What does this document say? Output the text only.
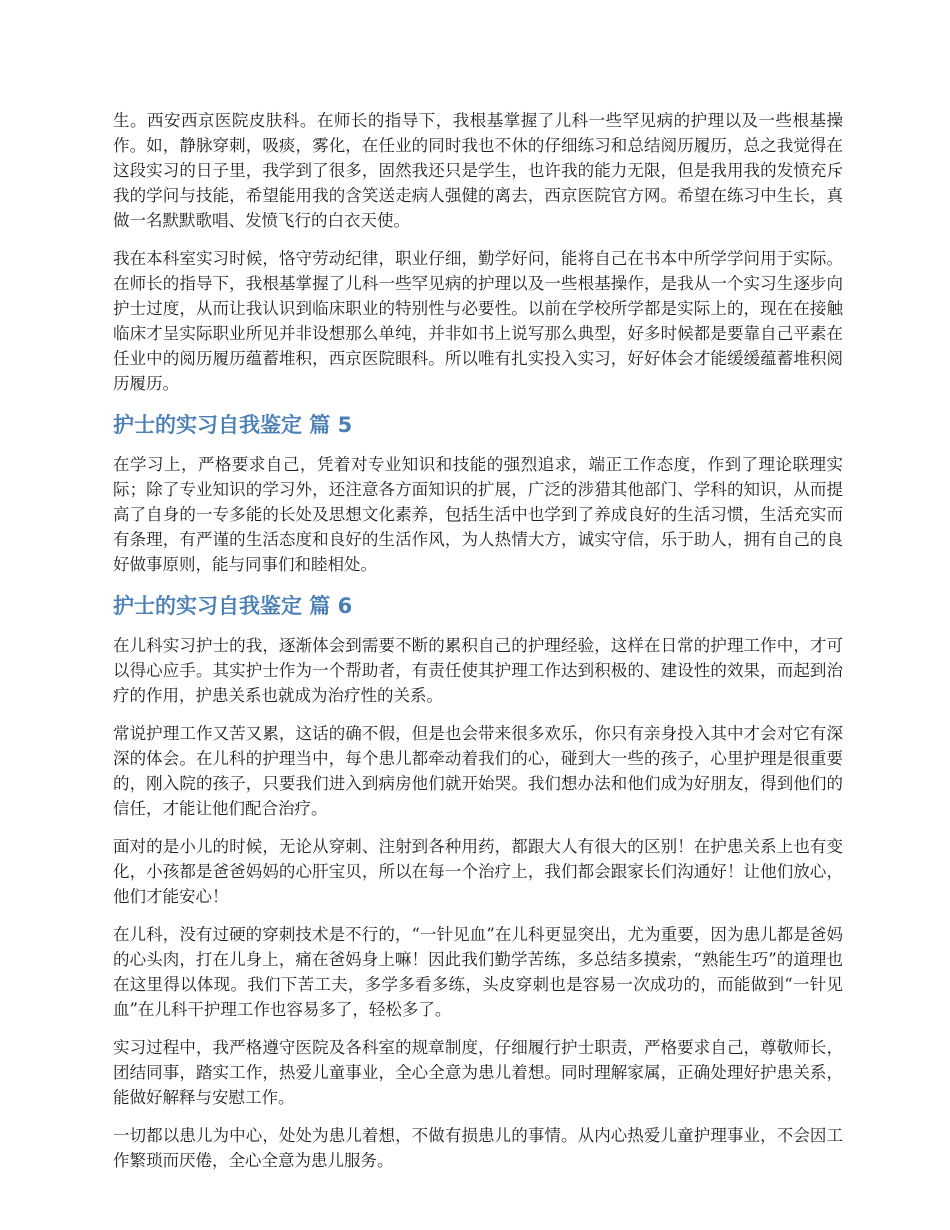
生。西安西京医院皮肤科。在师长的指导下，我根基掌握了儿科一些罕见病的护理以及一些根基操作。如，静脉穿刺，吸痰，雾化，在任业的同时我也不休的仔细练习和总结阅历履历，总之我觉得在这段实习的日子里，我学到了很多，固然我还只是学生，也许我的能力无限，但是我用我的发愤充斥我的学问与技能，希望能用我的含笑送走病人强健的离去，西京医院官方网。希望在练习中生长，真做一名默默歌唱、发愤飞行的白衣天使。

我在本科室实习时候，恪守劳动纪律，职业仔细，勤学好问，能将自己在书本中所学学问用于实际。在师长的指导下，我根基掌握了儿科一些罕见病的护理以及一些根基操作，是我从一个实习生逐步向护士过度，从而让我认识到临床职业的特别性与必要性。以前在学校所学都是实际上的，现在在接触临床才呈实际职业所见并非设想那么单纯，并非如书上说写那么典型，好多时候都是要靠自己平素在任业中的阅历履历蕴蓄堆积，西京医院眼科。所以唯有扎实投入实习，好好体会才能缓缓蕴蓄堆积阅历履历。

护士的实习自我鉴定 篇 5

在学习上，严格要求自己，凭着对专业知识和技能的强烈追求，端正工作态度，作到了理论联理实际；除了专业知识的学习外，还注意各方面知识的扩展，广泛的涉猎其他部门、学科的知识，从而提高了自身的一专多能的长处及思想文化素养，包括生活中也学到了养成良好的生活习惯，生活充实而有条理，有严谨的生活态度和良好的生活作风，为人热情大方，诚实守信，乐于助人，拥有自己的良好做事原则，能与同事们和睦相处。

护士的实习自我鉴定 篇 6

在儿科实习护士的我，逐渐体会到需要不断的累积自己的护理经验，这样在日常的护理工作中，才可以得心应手。其实护士作为一个帮助者，有责任使其护理工作达到积极的、建设性的效果，而起到治疗的作用，护患关系也就成为治疗性的关系。

常说护理工作又苦又累，这话的确不假，但是也会带来很多欢乐，你只有亲身投入其中才会对它有深深的体会。在儿科的护理当中，每个患儿都牵动着我们的心，碰到大一些的孩子，心里护理是很重要的，刚入院的孩子，只要我们进入到病房他们就开始哭。我们想办法和他们成为好朋友，得到他们的信任，才能让他们配合治疗。

面对的是小儿的时候，无论从穿刺、注射到各种用药，都跟大人有很大的区别！在护患关系上也有变化，小孩都是爸爸妈妈的心肝宝贝，所以在每一个治疗上，我们都会跟家长们沟通好！让他们放心，他们才能安心！

在儿科，没有过硬的穿刺技术是不行的，“一针见血”在儿科更显突出，尤为重要，因为患儿都是爸妈的心头肉，打在儿身上，痛在爸妈身上嘛！因此我们勤学苦练，多总结多摸索，“熟能生巧”的道理也在这里得以体现。我们下苦工夫，多学多看多练，头皮穿刺也是容易一次成功的，而能做到“一针见血”在儿科干护理工作也容易多了，轻松多了。

实习过程中，我严格遵守医院及各科室的规章制度，仔细履行护士职责，严格要求自己，尊敬师长，团结同事，踏实工作，热爱儿童事业，全心全意为患儿着想。同时理解家属，正确处理好护患关系，能做好解释与安慰工作。

一切都以患儿为中心，处处为患儿着想，不做有损患儿的事情。从内心热爱儿童护理事业，不会因工作繁琐而厌倦，全心全意为患儿服务。
